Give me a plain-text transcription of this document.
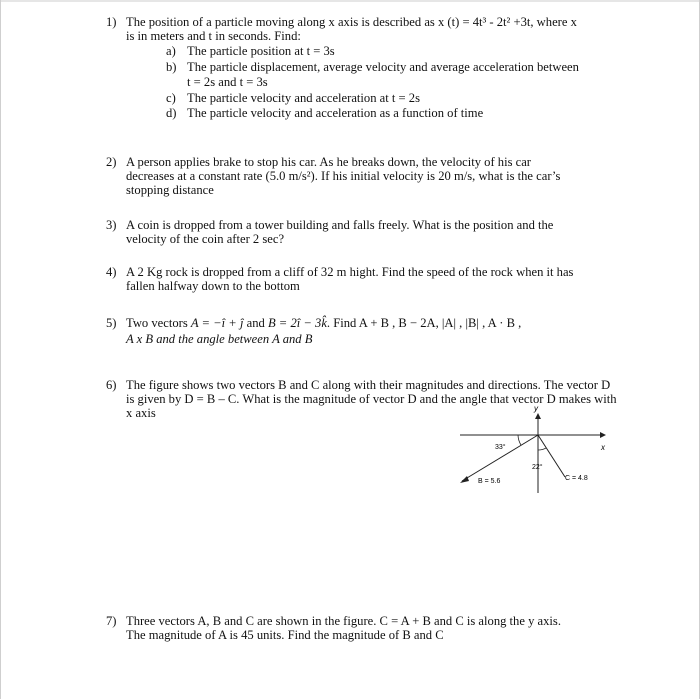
1) The position of a particle moving along x axis is described as x (t) = 4t³ - 2t² +3t, where x
is in meters and t in seconds. Find:
a) The particle position at t = 3s
b) The particle displacement, average velocity and average acceleration between
t = 2s and t = 3s
c) The particle velocity and acceleration at t = 2s
d) The particle velocity and acceleration as a function of time
2) A person applies brake to stop his car. As he breaks down, the velocity of his car
decreases at a constant rate (5.0 m/s²). If his initial velocity is 20 m/s, what is the car’s
stopping distance
3) A coin is dropped from a tower building and falls freely. What is the position and the
velocity of the coin after 2 sec?
4) A 2 Kg rock is dropped from a cliff of 32 m hight. Find the speed of the rock when it has
fallen halfway down to the bottom
5) Two vectors A = −î + ĵ and B = 2î − 3k̂. Find A + B , B − 2A, |A| , |B| , A · B ,
A x B and the angle between A and B
6) The figure shows two vectors B and C along with their magnitudes and directions. The vector D
is given by D = B – C. What is the magnitude of vector D and the angle that vector D makes with
x axis	y
x
33°
22°
B = 5.6	C = 4.8
7) Three vectors A, B and C are shown in the figure. C = A + B and C is along the y axis.
The magnitude of A is 45 units. Find the magnitude of B and C
